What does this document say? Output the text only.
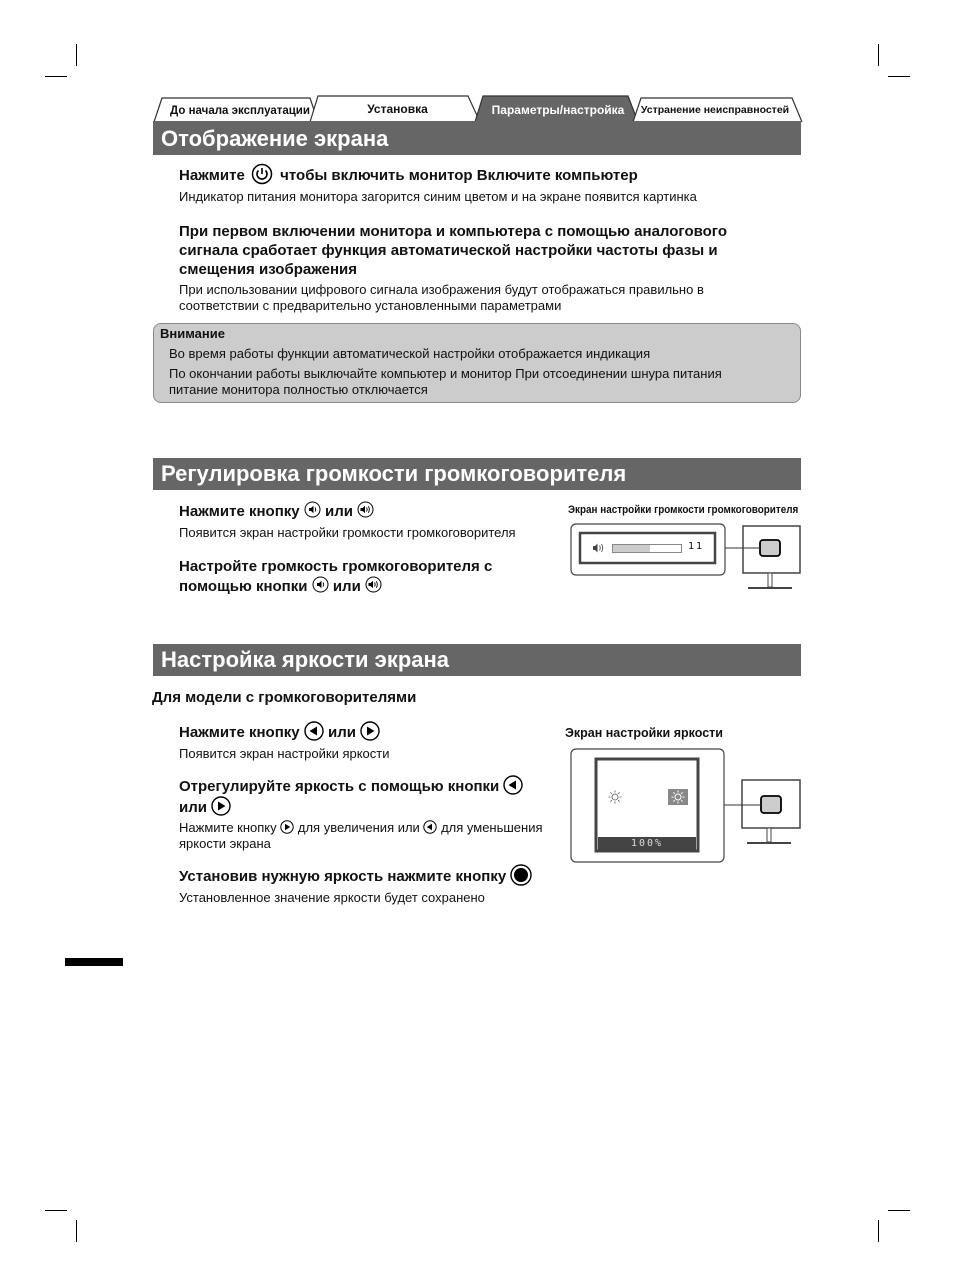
До начала эксплуатации	Установка	Параметры/настройка	Устранение неисправностей
Отображение экрана
Нажмите чтобы включить монитор Включите компьютер
Индикатор питания монитора загорится синим цветом и на экране появится картинка
При первом включении монитора и компьютера с помощью аналогового сигнала сработает функция автоматической настройки частоты фазы и смещения изображения
При использовании цифрового сигнала изображения будут отображаться правильно в соответствии с предварительно установленными параметрами
Внимание
Во время работы функции автоматической настройки отображается индикация
По окончании работы выключайте компьютер и монитор При отсоединении шнура питания питание монитора полностью отключается
Регулировка громкости громкоговорителя
Нажмите кнопку или
Появится экран настройки громкости громкоговорителя
Настройте громкость громкоговорителя с
помощью кнопки или
Экран настройки громкости громкоговорителя
11
Настройка яркости экрана
Для модели с громкоговорителями
Нажмите кнопку или
Появится экран настройки яркости
Отрегулируйте яркость с помощью кнопки
или
Нажмите кнопку для увеличения или для уменьшения
яркости экрана
Установив нужную яркость нажмите кнопку
Установленное значение яркости будет сохранено
Экран настройки яркости
100%
